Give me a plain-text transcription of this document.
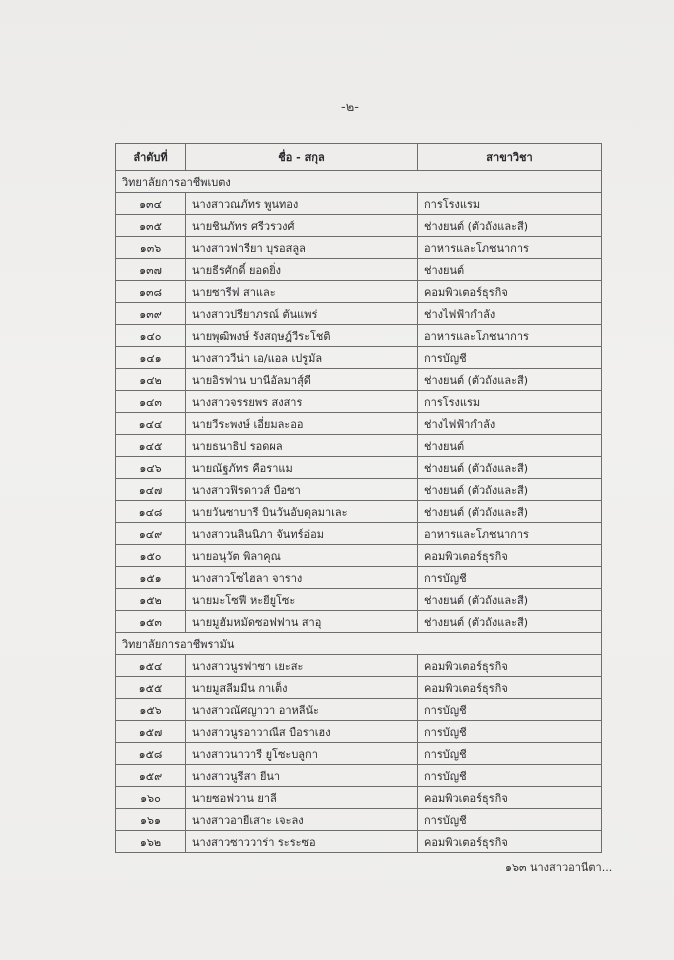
-๒-
ลำดับที่	ชื่อ - สกุล	สาขาวิชา
วิทยาลัยการอาชีพเบตง		
๑๓๔	นางสาวณภัทร พูนทอง	การโรงแรม
๑๓๕	นายชินภัทร ศรีวรวงศ์	ช่างยนต์ (ตัวถังและสี)
๑๓๖	นางสาวฟารียา บุรอสลูล	อาหารและโภชนาการ
๑๓๗	นายธีรศักดิ์ ยอดยิ่ง	ช่างยนต์
๑๓๘	นายซารีฟ สาและ	คอมพิวเตอร์ธุรกิจ
๑๓๙	นางสาวปรียาภรณ์ ตันแพร่	ช่างไฟฟ้ากำลัง
๑๔๐	นายพุฒิพงษ์ รังสฤษฎ์วีระโชติ	อาหารและโภชนาการ
๑๔๑	นางสาววีน่า เอ/แอล เปรูมัล	การบัญชี
๑๔๒	นายอิรฟาน บานีอัลมาสุ์ดี	ช่างยนต์ (ตัวถังและสี)
๑๔๓	นางสาวจรรยพร สงสาร	การโรงแรม
๑๔๔	นายวีระพงษ์ เอี่ยมละออ	ช่างไฟฟ้ากำลัง
๑๔๕	นายธนาธิป รอดผล	ช่างยนต์
๑๔๖	นายณัฐภัทร คือราแม	ช่างยนต์ (ตัวถังและสี)
๑๔๗	นางสาวฟิรดาวส์ บือซา	ช่างยนต์ (ตัวถังและสี)
๑๔๘	นายวันซาบารี บินวันอับดุลมาเละ	ช่างยนต์ (ตัวถังและสี)
๑๔๙	นางสาวนลินนิภา จันทร์อ่อม	อาหารและโภชนาการ
๑๕๐	นายอนุวัต พิลาคุณ	คอมพิวเตอร์ธุรกิจ
๑๕๑	นางสาวโซไฮลา จาราง	การบัญชี
๑๕๒	นายมะโซฟี หะยียูโซะ	ช่างยนต์ (ตัวถังและสี)
๑๕๓	นายมูฮัมหมัดซอฟฟาน สาอุ	ช่างยนต์ (ตัวถังและสี)
วิทยาลัยการอาชีพรามัน		
๑๕๔	นางสาวนูรฟาซา เยะสะ	คอมพิวเตอร์ธุรกิจ
๑๕๕	นายมูสลีมมีน กาเต็ง	คอมพิวเตอร์ธุรกิจ
๑๕๖	นางสาวณัศญาวา อาหลีนัะ	การบัญชี
๑๕๗	นางสาวนูรอาวาณีส บือราเฮง	การบัญชี
๑๕๘	นางสาวนาวารี ยูโซะบลูกา	การบัญชี
๑๕๙	นางสาวนูรีสา ยีนา	การบัญชี
๑๖๐	นายซอฟวาน ยาลี	คอมพิวเตอร์ธุรกิจ
๑๖๑	นางสาวอายีเสาะ เจะลง	การบัญชี
๑๖๒	นางสาวซาววาร่า ระระซอ	คอมพิวเตอร์ธุรกิจ
๑๖๓ นางสาวอานีตา...
